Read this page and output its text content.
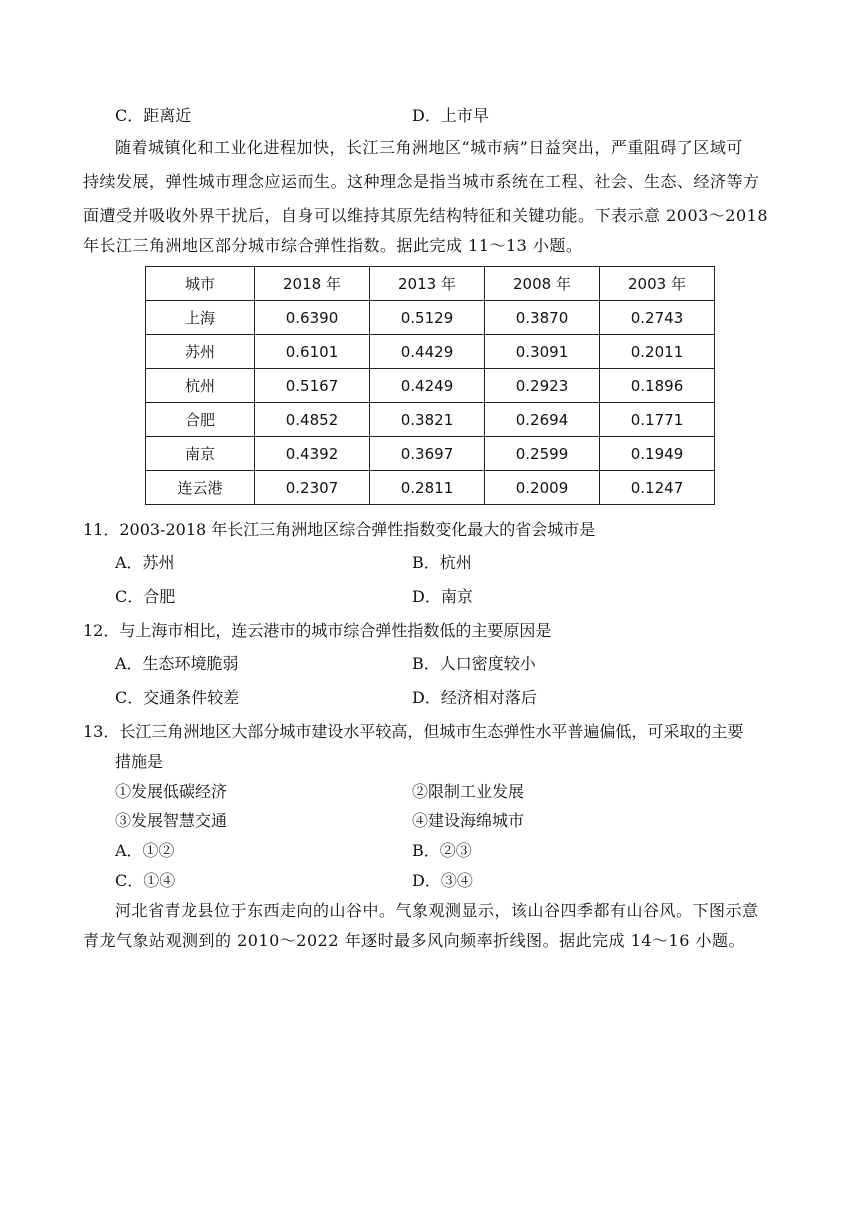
C．距离近	D．上市早
随着城镇化和工业化进程加快，长江三角洲地区“城市病”日益突出，严重阻碍了区域可
持续发展，弹性城市理念应运而生。这种理念是指当城市系统在工程、社会、生态、经济等方
面遭受并吸收外界干扰后，自身可以维持其原先结构特征和关键功能。下表示意 2003～2018
年长江三角洲地区部分城市综合弹性指数。据此完成 11～13 小题。
城市	2018 年	2013 年	2008 年	2003 年
上海	0.6390	0.5129	0.3870	0.2743
苏州	0.6101	0.4429	0.3091	0.2011
杭州	0.5167	0.4249	0.2923	0.1896
合肥	0.4852	0.3821	0.2694	0.1771
南京	0.4392	0.3697	0.2599	0.1949
连云港	0.2307	0.2811	0.2009	0.1247
11．2003-2018 年长江三角洲地区综合弹性指数变化最大的省会城市是
A．苏州	B．杭州
C．合肥	D．南京
12．与上海市相比，连云港市的城市综合弹性指数低的主要原因是
A．生态环境脆弱	B．人口密度较小
C．交通条件较差	D．经济相对落后
13．长江三角洲地区大部分城市建设水平较高，但城市生态弹性水平普遍偏低，可采取的主要
措施是
①发展低碳经济	②限制工业发展
③发展智慧交通	④建设海绵城市
A．①②	B．②③
C．①④	D．③④
河北省青龙县位于东西走向的山谷中。气象观测显示，该山谷四季都有山谷风。下图示意
青龙气象站观测到的 2010～2022 年逐时最多风向频率折线图。据此完成 14～16 小题。
